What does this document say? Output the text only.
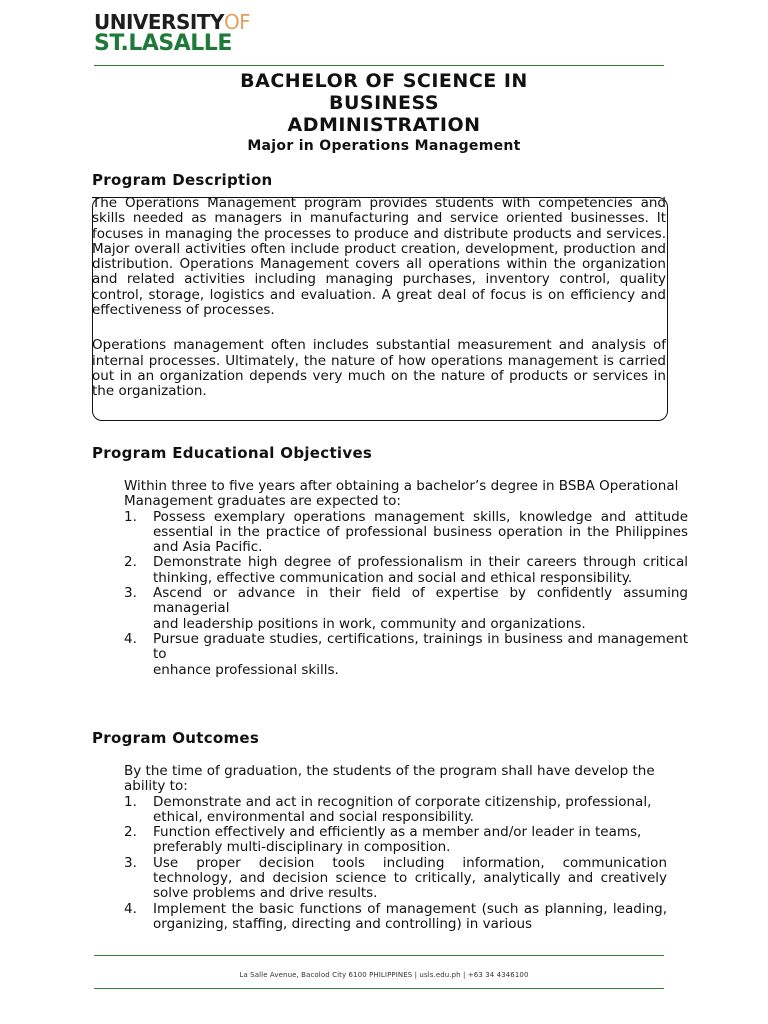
UNIVERSITYOF
ST.LASALLE
BACHELOR OF SCIENCE IN
BUSINESS
ADMINISTRATION
Major in Operations Management
Program Description

The Operations Management program provides students with competencies and skills needed as managers in manufacturing and service oriented businesses. It focuses in managing the processes to produce and distribute products and services. Major overall activities often include product creation, development, production and distribution. Operations Management covers all operations within the organization and related activities including managing purchases, inventory control, quality control, storage, logistics and evaluation. A great deal of focus is on efficiency and effectiveness of processes.

Operations management often includes substantial measurement and analysis of internal processes. Ultimately, the nature of how operations management is carried out in an organization depends very much on the nature of products or services in the organization.

Program Educational Objectives

Within three to five years after obtaining a bachelor’s degree in BSBA Operational

Management graduates are expected to:

1. Possess exemplary operations management skills, knowledge and attitude essential in the practice of professional business operation in the Philippines and Asia Pacific.
2. Demonstrate high degree of professionalism in their careers through critical thinking, effective communication and social and ethical responsibility.
3. Ascend or advance in their field of expertise by confidently assuming managerial
and leadership positions in work, community and organizations.
4. Pursue graduate studies, certifications, trainings in business and management to
enhance professional skills.
Program Outcomes

By the time of graduation, the students of the program shall have develop the ability to:

1. Demonstrate and act in recognition of corporate citizenship, professional, ethical, environmental and social responsibility.
2. Function effectively and efficiently as a member and/or leader in teams,
preferably multi-disciplinary in composition.
3. Use proper decision tools including information, communication technology, and decision science to critically, analytically and creatively solve problems and drive results.
4. Implement the basic functions of management (such as planning, leading, organizing, staffing, directing and controlling) in various
La Salle Avenue, Bacolod City 6100 PHILIPPINES | usls.edu.ph | +63 34 4346100
